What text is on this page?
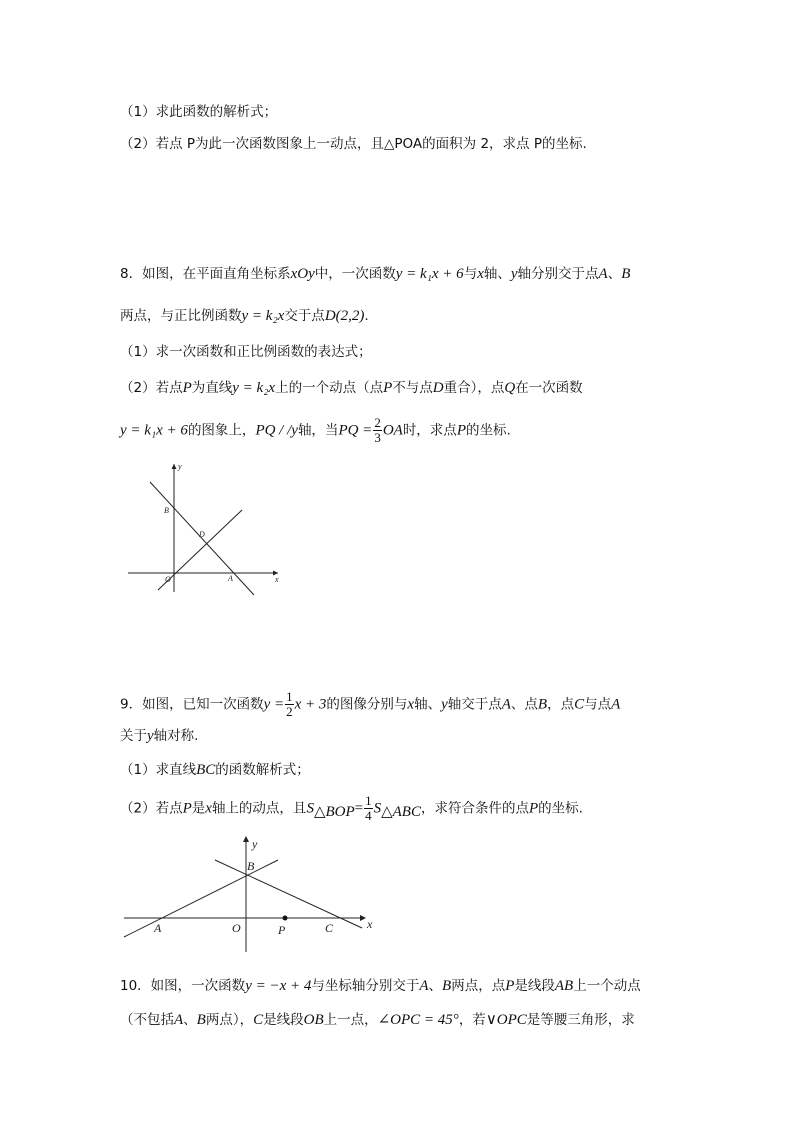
（1）求此函数的解析式；
（2）若点 P为此一次函数图象上一动点，且△POA的面积为 2，求点 P的坐标.
8．如图，在平面直角坐标系xOy中，一次函数y = k₁x + 6与x轴、y轴分别交于点A、B
两点，与正比例函数y = k₂x交于点D(2,2).
（1）求一次函数和正比例函数的表达式；
（2）若点P为直线y = k₂x上的一个动点（点P不与点D重合），点Q在一次函数
y = k₁x + 6的图象上，PQ / /y轴，当PQ = $\frac{2}{3}$ OA时，求点P的坐标.
y
x
B
D
O	A
9．如图，已知一次函数$y = \frac{1}{2}$ x + 3的图像分别与x轴、y轴交于点A、点B，点C与点A
关于y轴对称.
（1）求直线BC的函数解析式；
（2）若点P是x轴上的动点，且$S_{\triangle BOP}= \frac{1}{4} S_{\triangle ABC}$，求符合条件的点P的坐标.
y
x
B
A	O	P	C
10．如图，一次函数y = −x + 4与坐标轴分别交于A、B两点，点P是线段AB上一个动点
（不包括A、B两点），C是线段OB上一点，∠OPC = 45°，若∨OPC是等腰三角形，求
